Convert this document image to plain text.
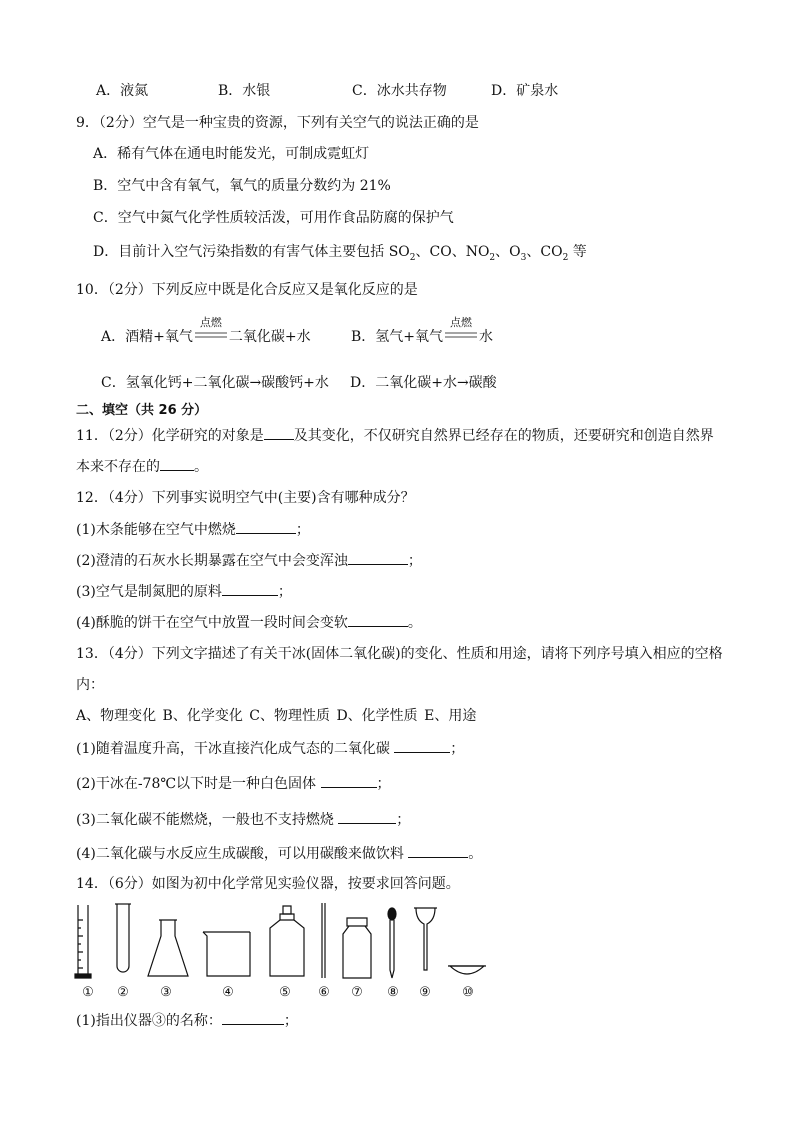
A．液氮	B．水银	C．冰水共存物	D．矿泉水
9．（2分）空气是一种宝贵的资源，下列有关空气的说法正确的是
A．稀有气体在通电时能发光，可制成霓虹灯
B．空气中含有氧气，氧气的质量分数约为 21%
C．空气中氮气化学性质较活泼，可用作食品防腐的保护气
D．目前计入空气污染指数的有害气体主要包括 $SO_2$、CO、$NO_2$、$O_3$、$CO_2$ 等
10．（2分）下列反应中既是化合反应又是氧化反应的是
A．酒精+氧气
点燃
二氧化碳+水	B．氢气+氧气
点燃
水
C．氢氧化钙+二氧化碳→碳酸钙+水 D．二氧化碳+水→碳酸
二、填空（共 26 分）
11．（2分）化学研究的对象是 及其变化，不仅研究自然界已经存在的物质，还要研究和创造自然界
本来不存在的 。
12．（4分）下列事实说明空气中(主要)含有哪种成分？
(1)木条能够在空气中燃烧	；
(2)澄清的石灰水长期暴露在空气中会变浑浊	；
(3)空气是制氮肥的原料	；
(4)酥脆的饼干在空气中放置一段时间会变软	。
13．（4分）下列文字描述了有关干冰(固体二氧化碳)的变化、性质和用途，请将下列序号填入相应的空格
内：
A、物理变化 B、化学变化 C、物理性质 D、化学性质 E、用途
(1)随着温度升高，干冰直接汽化成气态的二氧化碳	；
(2)干冰在-78℃以下时是一种白色固体	；
(3)二氧化碳不能燃烧，一般也不支持燃烧	；
(4)二氧化碳与水反应生成碳酸，可以用碳酸来做饮料	。
14．（6分）如图为初中化学常见实验仪器，按要求回答问题。
①	②	③	④	⑤	⑥	⑦	⑧	⑨	⑩
(1)指出仪器③的名称：	；
